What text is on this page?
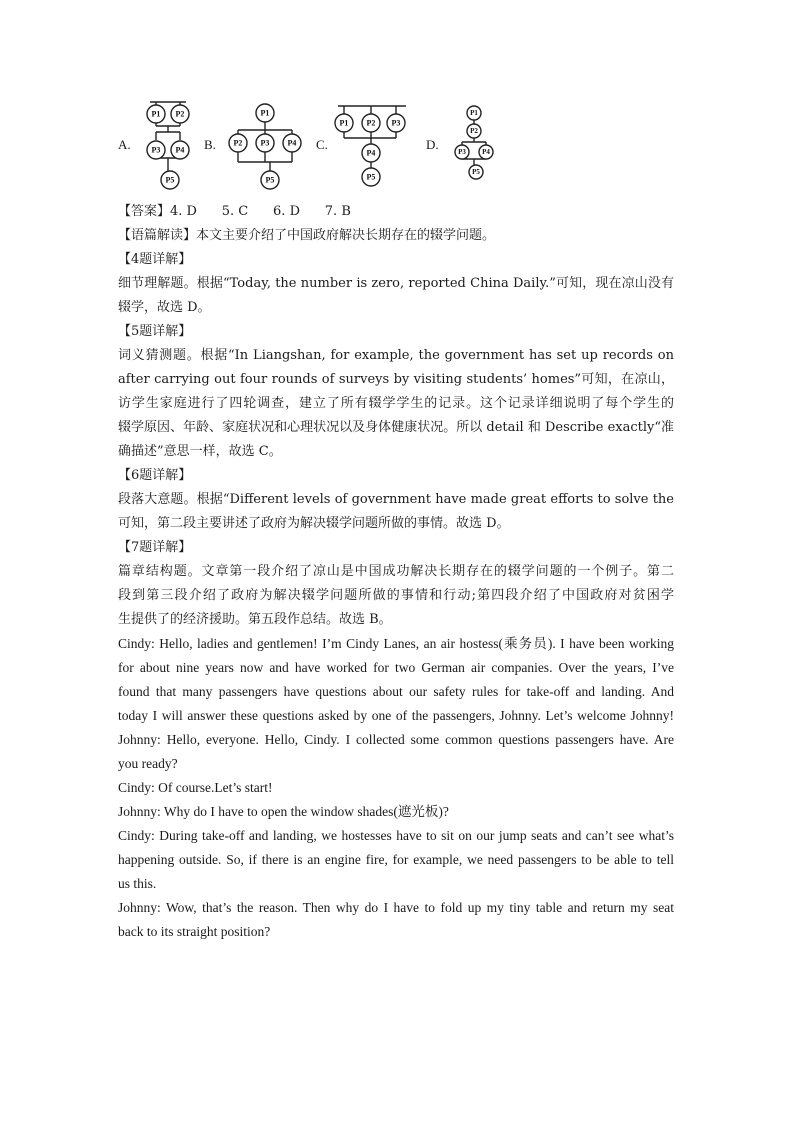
A.
P1 P2
P3 P4
P5
B.
P1
P2 P3 P4
P5
C.
P1 P2 P3
P4
P5
D.
P1
P2
P3 P4
P5
【答案】4. D      5. C      6. D      7. B
【语篇解读】本文主要介绍了中国政府解决长期存在的辍学问题。
【4题详解】
细节理解题。根据“Today, the number is zero, reported China Daily.”可知，现在凉山没有
辍学，故选 D。
【5题详解】
词义猜测题。根据“In Liangshan, for example, the government has set up records on
after carrying out four rounds of surveys by visiting students’ homes”可知，在凉山，
访学生家庭进行了四轮调查，建立了所有辍学学生的记录。这个记录详细说明了每个学生的
辍学原因、年龄、家庭状况和心理状况以及身体健康状况。所以 detail 和 Describe exactly“准
确描述”意思一样，故选 C。
【6题详解】
段落大意题。根据“Different levels of government have made great efforts to solve the
可知，第二段主要讲述了政府为解决辍学问题所做的事情。故选 D。
【7题详解】
篇章结构题。文章第一段介绍了凉山是中国成功解决长期存在的辍学问题的一个例子。第二
段到第三段介绍了政府为解决辍学问题所做的事情和行动;第四段介绍了中国政府对贫困学
生提供了的经济援助。第五段作总结。故选 B。
Cindy: Hello, ladies and gentlemen! I’m Cindy Lanes, an air hostess(乘务员). I have been working
for about nine years now and have worked for two German air companies. Over the years, I’ve
found that many passengers have questions about our safety rules for take-off and landing. And
today I will answer these questions asked by one of the passengers, Johnny. Let’s welcome Johnny!
Johnny: Hello, everyone. Hello, Cindy. I collected some common questions passengers have. Are
you ready?
Cindy: Of course.Let’s start!
Johnny: Why do I have to open the window shades(遮光板)?
Cindy: During take-off and landing, we hostesses have to sit on our jump seats and can’t see what’s
happening outside. So, if there is an engine fire, for example, we need passengers to be able to tell
us this.
Johnny: Wow, that’s the reason. Then why do I have to fold up my tiny table and return my seat
back to its straight position?
